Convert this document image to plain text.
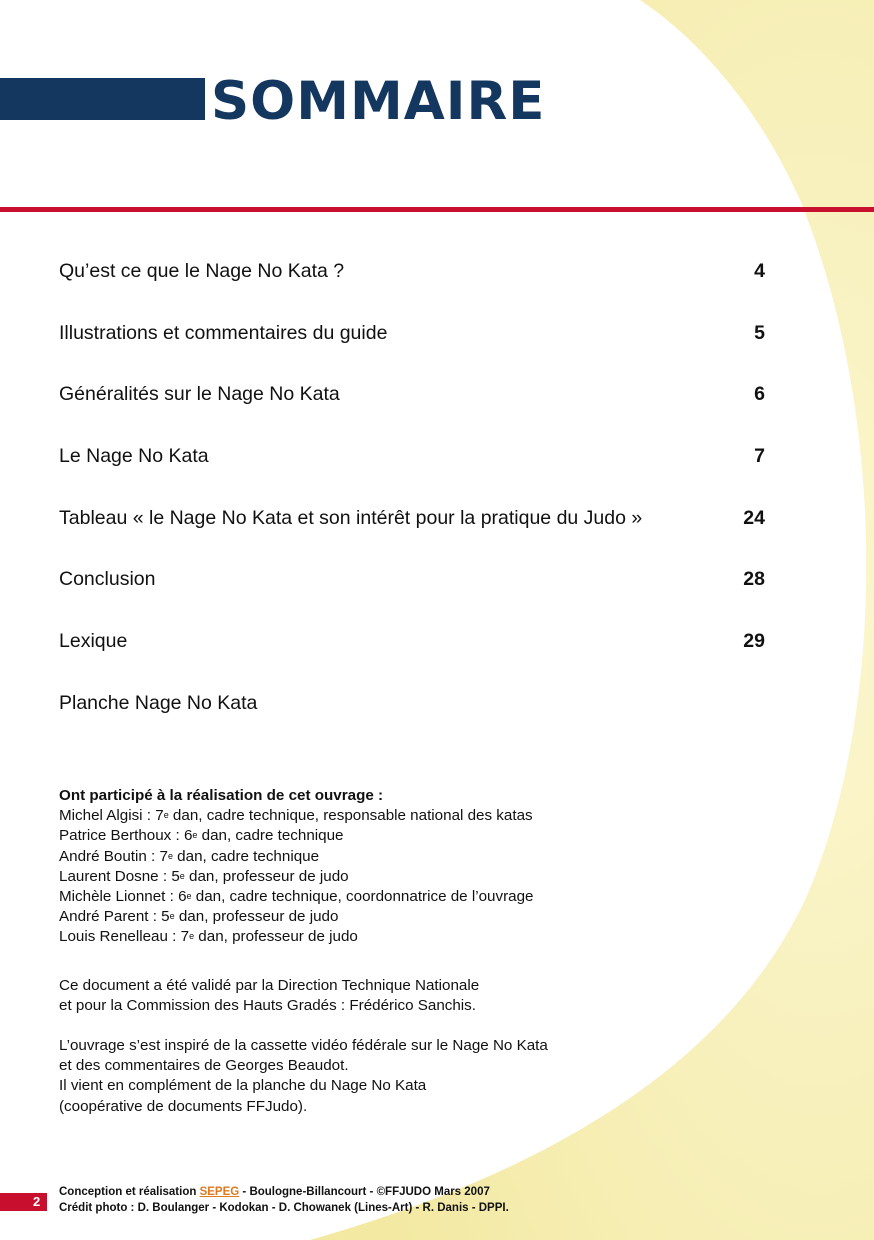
SOMMAIRE
Qu’est ce que le Nage No Kata ?	4
Illustrations et commentaires du guide	5
Généralités sur le Nage No Kata	6
Le Nage No Kata	7
Tableau « le Nage No Kata et son intérêt pour la pratique du Judo »	24
Conclusion	28
Lexique	29
Planche Nage No Kata
Ont participé à la réalisation de cet ouvrage :
Michel Algisi : 7e dan, cadre technique, responsable national des katas
Patrice Berthoux : 6e dan, cadre technique
André Boutin : 7e dan, cadre technique
Laurent Dosne : 5e dan, professeur de judo
Michèle Lionnet : 6e dan, cadre technique, coordonnatrice de l’ouvrage
André Parent : 5e dan, professeur de judo
Louis Renelleau : 7e dan, professeur de judo
Ce document a été validé par la Direction Technique Nationale
et pour la Commission des Hauts Gradés : Frédérico Sanchis.
L’ouvrage s’est inspiré de la cassette vidéo fédérale sur le Nage No Kata
et des commentaires de Georges Beaudot.
Il vient en complément de la planche du Nage No Kata
(coopérative de documents FFJudo).
2
Conception et réalisation SEPEG - Boulogne-Billancourt - ©FFJUDO Mars 2007
Crédit photo : D. Boulanger - Kodokan - D. Chowanek (Lines-Art) - R. Danis - DPPI.
